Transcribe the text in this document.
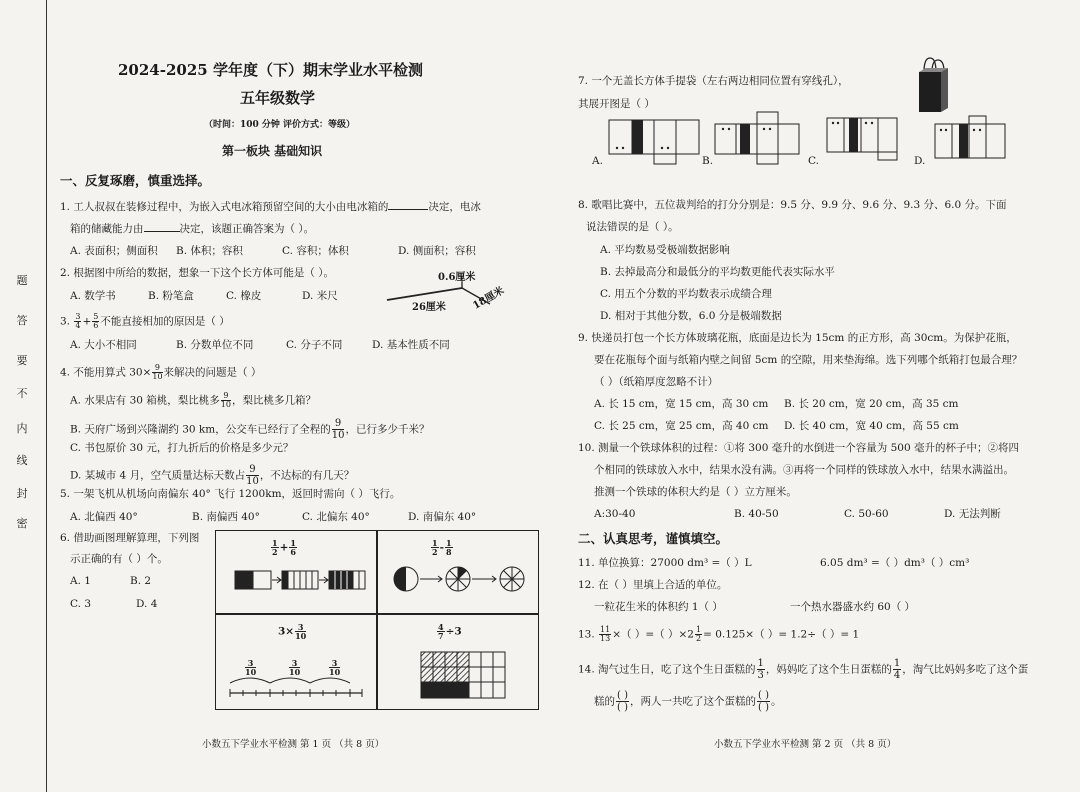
题
答
要
不
内
线
封
密
2024-2025 学年度（下）期末学业水平检测
五年级数学
（时间：100 分钟 评价方式：等级）
第一板块 基础知识
一、反复琢磨，慎重选择。
1. 工人叔叔在装修过程中，为嵌入式电冰箱预留空间的大小由电冰箱的	决定，电冰
箱的储藏能力由	决定，该题正确答案为（ ）。
A. 表面积；侧面积 B. 体积；容积	C. 容积；体积	D. 侧面积；容积
2. 根据图中所给的数据，想象一下这个长方体可能是（ ）。
A. 数学书	B. 粉笔盒	C. 橡皮	D. 米尺
0.6厘米
26厘米	18厘米
3. $\frac{3}{4} + \frac{5}{6}$ 不能直接相加的原因是（ ）
A. 大小不相同	B. 分数单位不同	C. 分子不同	D. 基本性质不同
4. 不能用算式 $30\times \frac{9}{10}$ 来解决的问题是（ ）
A. 水果店有 30 箱桃，梨比桃多 $\frac{9}{10}$ ，梨比桃多几箱？
B. 天府广场到兴隆湖约 30 km，公交车已经行了全程的 $\frac{9}{10}$ ，已行多少千米？
C. 书包原价 30 元，打九折后的价格是多少元？
D. 某城市 4 月，空气质量达标天数占 $\frac{9}{10}$ ，不达标的有几天？
5. 一架飞机从机场向南偏东 40° 飞行 1200km，返回时需向（ ）飞行。
A. 北偏西 40°	B. 南偏西 40°	C. 北偏东 40°	D. 南偏东 40°
6. 借助画图理解算理，下列图
示正确的有（ ）个。
A. 1	B. 2
C. 3	D. 4
$\frac{1}{2} + \frac{1}{6}$	$\frac{1}{2} - \frac{1}{8}$
$3\times \frac{3}{10}$
$\frac{3}{10}$	$\frac{3}{10}$	$\frac{3}{10}$
$\frac{4}{7} \div 3$
小数五下学业水平检测 第 1 页 （共 8 页）
7. 一个无盖长方体手提袋（左右两边相同位置有穿线孔），
其展开图是（ ）
A.	B.	C.	D.
8. 歌唱比赛中，五位裁判给的打分分别是：9.5 分、9.9 分、9.6 分、9.3 分、6.0 分。下面
说法错误的是（ ）。
A. 平均数易受极端数据影响
B. 去掉最高分和最低分的平均数更能代表实际水平
C. 用五个分数的平均数表示成绩合理
D. 相对于其他分数，6.0 分是极端数据
9. 快递员打包一个长方体玻璃花瓶，底面是边长为 15cm 的正方形，高 30cm。为保护花瓶，
要在花瓶每个面与纸箱内壁之间留 5cm 的空隙，用来垫海绵。选下列哪个纸箱打包最合理？
（ ）（纸箱厚度忽略不计）
A. 长 15 cm，宽 15 cm，高 30 cm B. 长 20 cm，宽 20 cm，高 35 cm
C. 长 25 cm，宽 25 cm，高 40 cm D. 长 40 cm，宽 40 cm，高 55 cm
10. 测量一个铁球体积的过程：①将 300 毫升的水倒进一个容量为 500 毫升的杯子中；②将四
个相同的铁球放入水中，结果水没有满。③再将一个同样的铁球放入水中，结果水满溢出。
推测一个铁球的体积大约是（ ）立方厘米。
A:30-40	B. 40-50	C. 50-60	D. 无法判断
二、认真思考，谨慎填空。
11. 单位换算：27000 dm³ =（ ）L	6.05 dm³ =（ ）dm³（ ）cm³
12. 在（ ）里填上合适的单位。
一粒花生米的体积约 1（ ）	一个热水器盛水约 60（ ）
13. $\frac{11}{13}$ ×（ ）=（ ）$\times 2 \frac{1}{2} = 0.125\times$（ ）= 1.2÷（ ）= 1
14. 淘气过生日，吃了这个生日蛋糕的 $\frac{1}{3}$ ，妈妈吃了这个生日蛋糕的 $\frac{1}{4}$ ，淘气比妈妈多吃了这个蛋
糕的 $\frac{( )}{( )}$ ，两人一共吃了这个蛋糕的 $\frac{( )}{( )}$ 。
小数五下学业水平检测 第 2 页 （共 8 页）
